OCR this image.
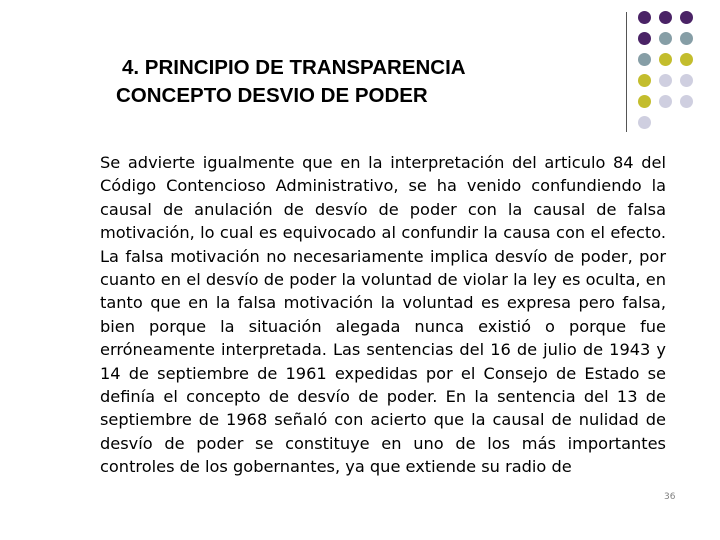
4. PRINCIPIO DE TRANSPARENCIA
CONCEPTO DESVIO DE PODER

Se advierte igualmente que en la interpretación del articulo 84 del Código Contencioso Administrativo, se ha venido confundiendo la causal de anulación de desvío de poder con la causal de falsa motivación, lo cual es equivocado al confundir la causa con el efecto. La falsa motivación no necesariamente implica desvío de poder, por cuanto en el desvío de poder la voluntad de violar la ley es oculta, en tanto que en la falsa motivación la voluntad es expresa pero falsa, bien porque la situación alegada nunca existió o porque fue erróneamente interpretada. Las sentencias del 16 de julio de 1943 y 14 de septiembre de 1961 expedidas por el Consejo de Estado se definía el concepto de desvío de poder. En la sentencia del 13 de septiembre de 1968 señaló con acierto que la causal de nulidad de desvío de poder se constituye en uno de los más importantes controles de los gobernantes, ya que extiende su radio de

36
